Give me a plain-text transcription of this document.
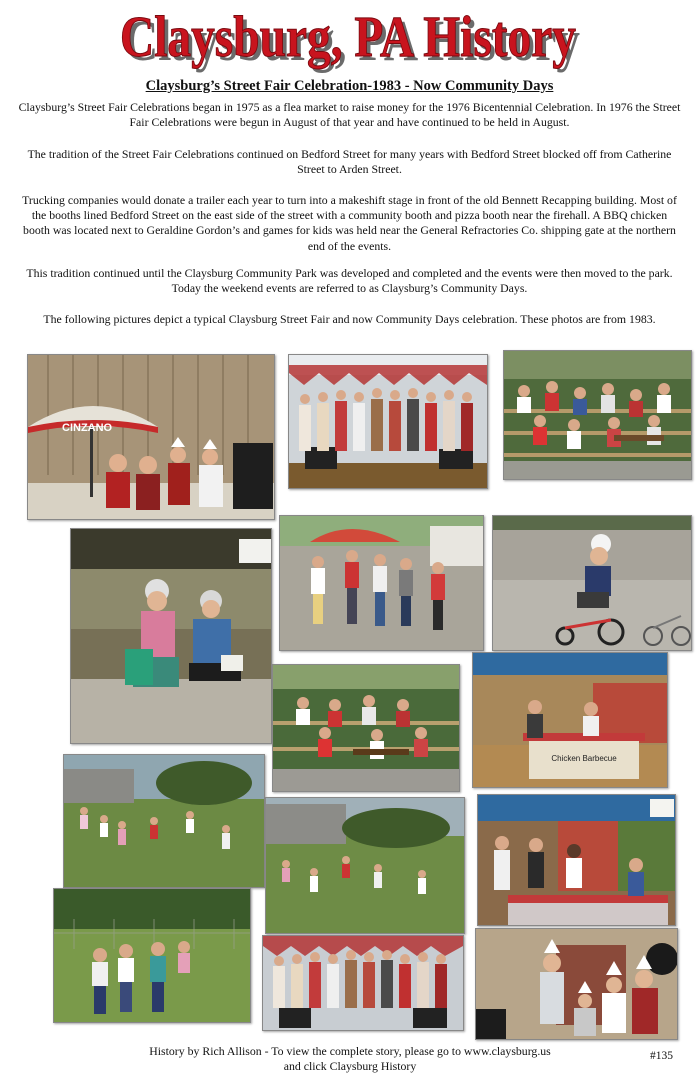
Claysburg, PA History
Claysburg, PA History
Claysburg’s Street Fair Celebration-1983 - Now Community Days

Claysburg’s Street Fair Celebrations began in 1975 as a flea market to raise money for the 1976 Bicentennial Celebration. In 1976 the Street Fair Celebrations were begun in August of that year and have continued to be held in August.

The tradition of the Street Fair Celebrations continued on Bedford Street for many years with Bedford Street blocked off from Catherine Street to Arden Street.

Trucking companies would donate a trailer each year to turn into a makeshift stage in front of the old Bennett Recapping building. Most of the booths lined Bedford Street on the east side of the street with a community booth and pizza booth near the firehall. A BBQ chicken booth was located next to Geraldine Gordon’s and games for kids was held near the General Refractories Co. shipping gate at the northern end of the events.

This tradition continued until the Claysburg Community Park was developed and completed and the events were then moved to the park. Today the weekend events are referred to as Claysburg’s Community Days.

The following pictures depict a typical Claysburg Street Fair and now Community Days celebration. These photos are from 1983.

CINZANO
Chicken Barbecue
History by Rich Allison - To view the complete story, please go to www.claysburg.us
and click Claysburg History
#135
